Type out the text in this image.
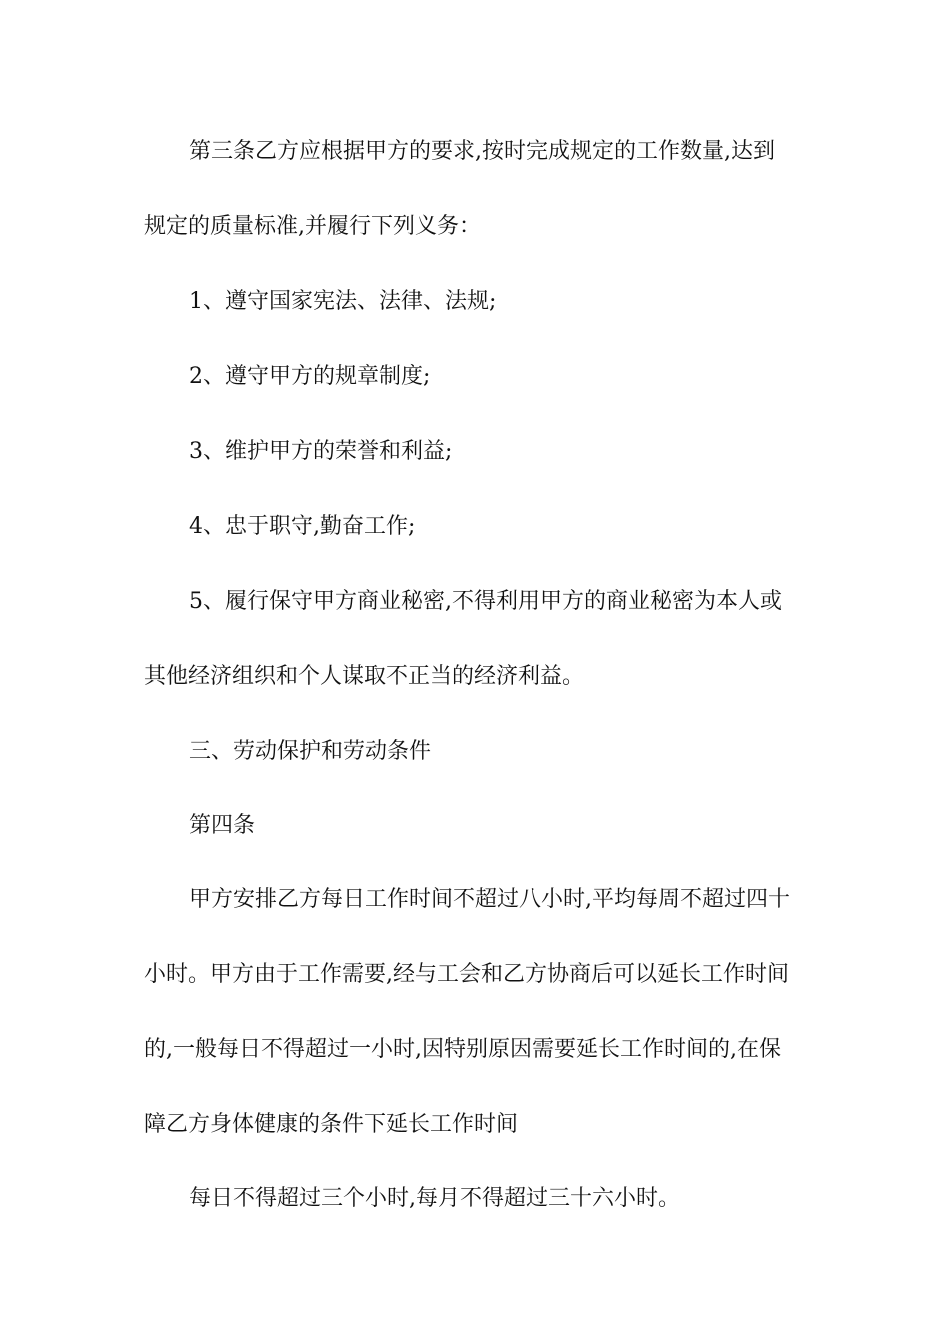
第三条乙方应根据甲方的要求,按时完成规定的工作数量,达到
规定的质量标准,并履行下列义务：
1、遵守国家宪法、法律、法规;
2、遵守甲方的规章制度;
3、维护甲方的荣誉和利益;
4、忠于职守,勤奋工作;
5、履行保守甲方商业秘密,不得利用甲方的商业秘密为本人或
其他经济组织和个人谋取不正当的经济利益。
三、劳动保护和劳动条件
第四条
甲方安排乙方每日工作时间不超过八小时,平均每周不超过四十
小时。甲方由于工作需要,经与工会和乙方协商后可以延长工作时间
的,一般每日不得超过一小时,因特别原因需要延长工作时间的,在保
障乙方身体健康的条件下延长工作时间
每日不得超过三个小时,每月不得超过三十六小时。
